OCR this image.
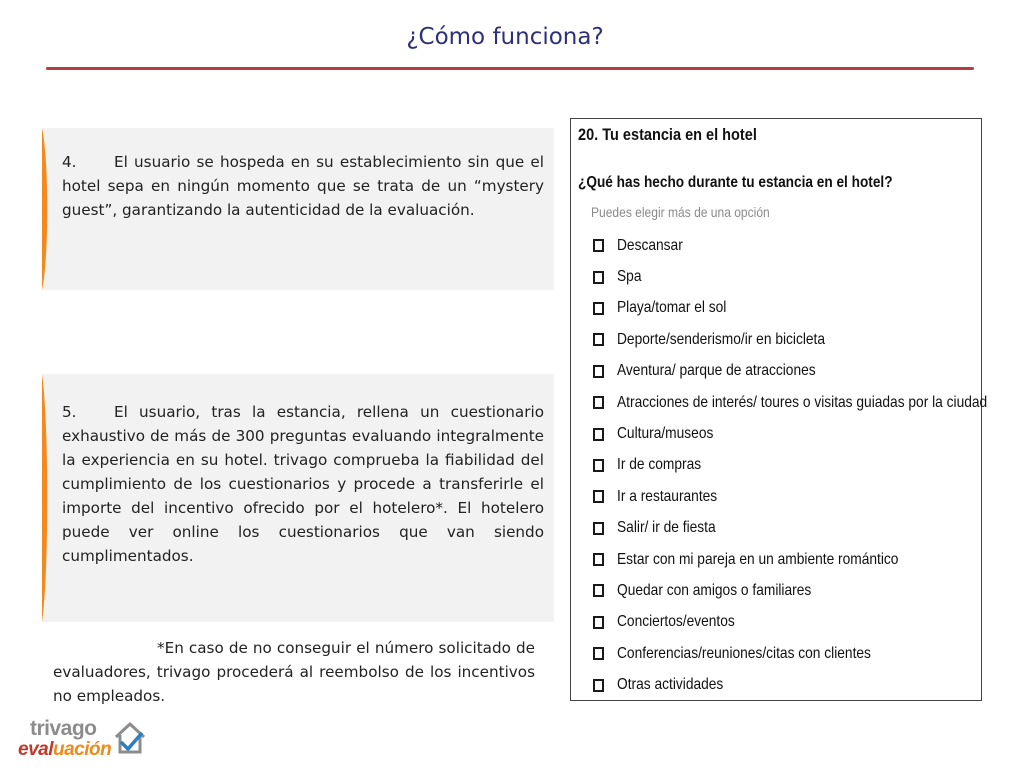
¿Cómo funciona?
4. El usuario se hospeda en su establecimiento sin que el hotel sepa en ningún momento que se trata de un “mystery guest”, garantizando la autenticidad de la evaluación.
5. El usuario, tras la estancia, rellena un cuestionario exhaustivo de más de 300 preguntas evaluando integralmente la experiencia en su hotel. trivago comprueba la fiabilidad del cumplimiento de los cuestionarios y procede a transferirle el importe del incentivo ofrecido por el hotelero*. El hotelero puede ver online los cuestionarios que van siendo cumplimentados.
*En caso de no conseguir el número solicitado de evaluadores, trivago procederá al reembolso de los incentivos no empleados.
20. Tu estancia en el hotel
¿Qué has hecho durante tu estancia en el hotel?
Puedes elegir más de una opción
Descansar
Spa
Playa/tomar el sol
Deporte/senderismo/ir en bicicleta
Aventura/ parque de atracciones
Atracciones de interés/ toures o visitas guiadas por la ciudad
Cultura/museos
Ir de compras
Ir a restaurantes
Salir/ ir de fiesta
Estar con mi pareja en un ambiente romántico
Quedar con amigos o familiares
Conciertos/eventos
Conferencias/reuniones/citas con clientes
Otras actividades
trivago
evaluación
